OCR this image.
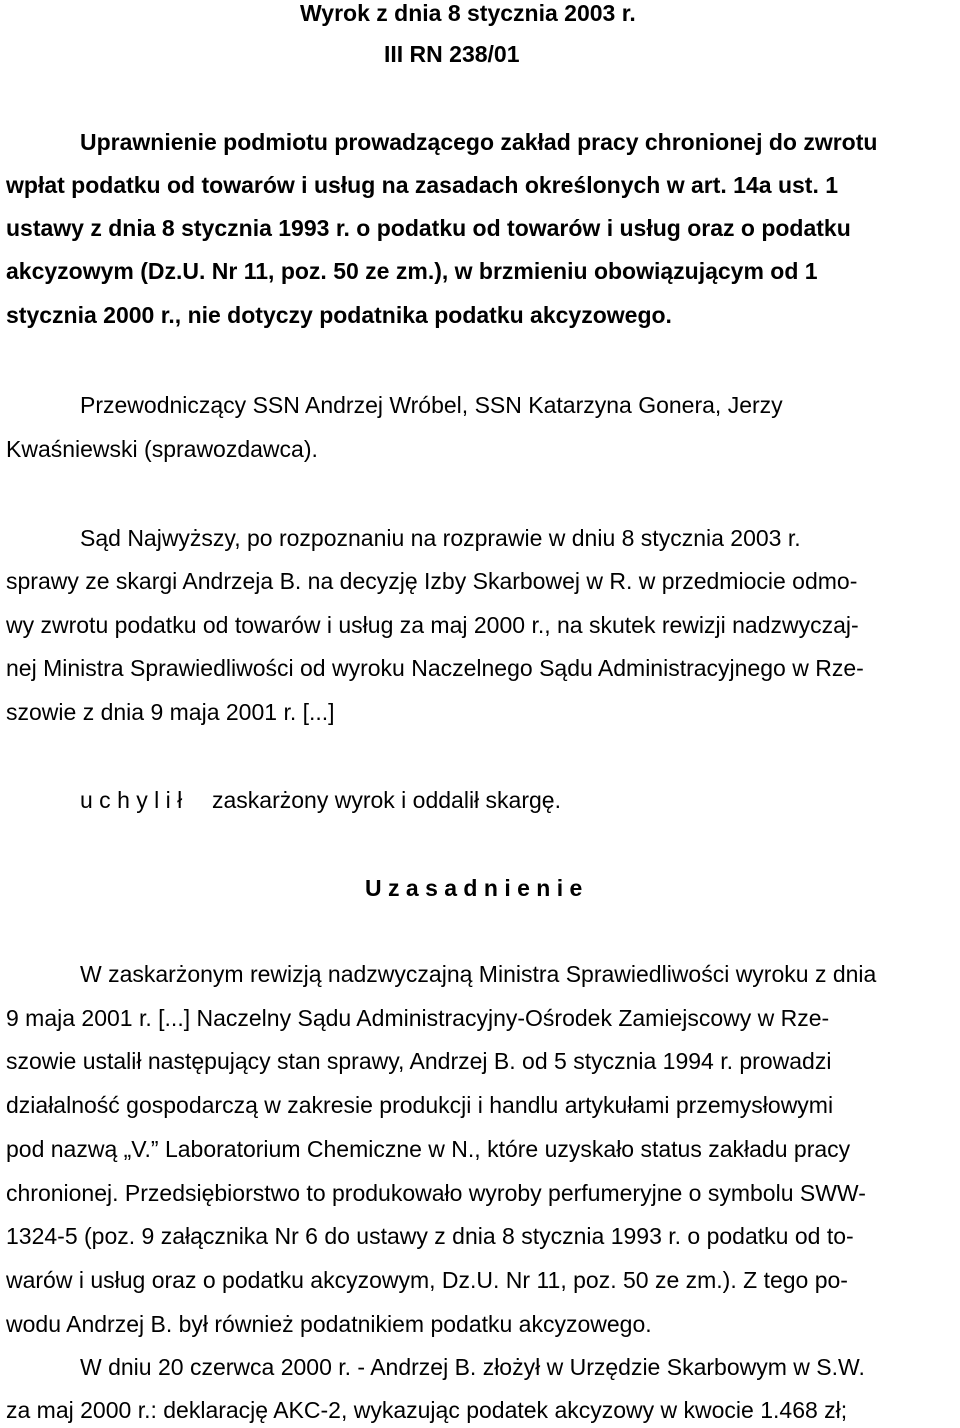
Wyrok z dnia 8 stycznia 2003 r.
III RN 238/01
Uprawnienie podmiotu prowadzącego zakład pracy chronionej do zwrotu
wpłat podatku od towarów i usług na zasadach określonych w art. 14a ust. 1
ustawy z dnia 8 stycznia 1993 r. o podatku od towarów i usług oraz o podatku
akcyzowym (Dz.U. Nr 11, poz. 50 ze zm.), w brzmieniu obowiązującym od 1
stycznia 2000 r., nie dotyczy podatnika podatku akcyzowego.
Przewodniczący SSN Andrzej Wróbel, SSN Katarzyna Gonera, Jerzy
Kwaśniewski (sprawozdawca).
Sąd Najwyższy, po rozpoznaniu na rozprawie w dniu 8 stycznia 2003 r.
sprawy ze skargi Andrzeja B. na decyzję Izby Skarbowej w R. w przedmiocie odmo-
wy zwrotu podatku od towarów i usług za maj 2000 r., na skutek rewizji nadzwyczaj-
nej Ministra Sprawiedliwości od wyroku Naczelnego Sądu Administracyjnego w Rze-
szowie z dnia 9 maja 2001 r. [...]
u c h y l i ł zaskarżony wyrok i oddalił skargę.
U z a s a d n i e n i e
W zaskarżonym rewizją nadzwyczajną Ministra Sprawiedliwości wyroku z dnia
9 maja 2001 r. [...] Naczelny Sądu Administracyjny-Ośrodek Zamiejscowy w Rze-
szowie ustalił następujący stan sprawy, Andrzej B. od 5 stycznia 1994 r. prowadzi
działalność gospodarczą w zakresie produkcji i handlu artykułami przemysłowymi
pod nazwą „V.” Laboratorium Chemiczne w N., które uzyskało status zakładu pracy
chronionej. Przedsiębiorstwo to produkowało wyroby perfumeryjne o symbolu SWW-
1324-5 (poz. 9 załącznika Nr 6 do ustawy z dnia 8 stycznia 1993 r. o podatku od to-
warów i usług oraz o podatku akcyzowym, Dz.U. Nr 11, poz. 50 ze zm.). Z tego po-
wodu Andrzej B. był również podatnikiem podatku akcyzowego.
W dniu 20 czerwca 2000 r. - Andrzej B. złożył w Urzędzie Skarbowym w S.W.
za maj 2000 r.: deklarację AKC-2, wykazując podatek akcyzowy w kwocie 1.468 zł;
